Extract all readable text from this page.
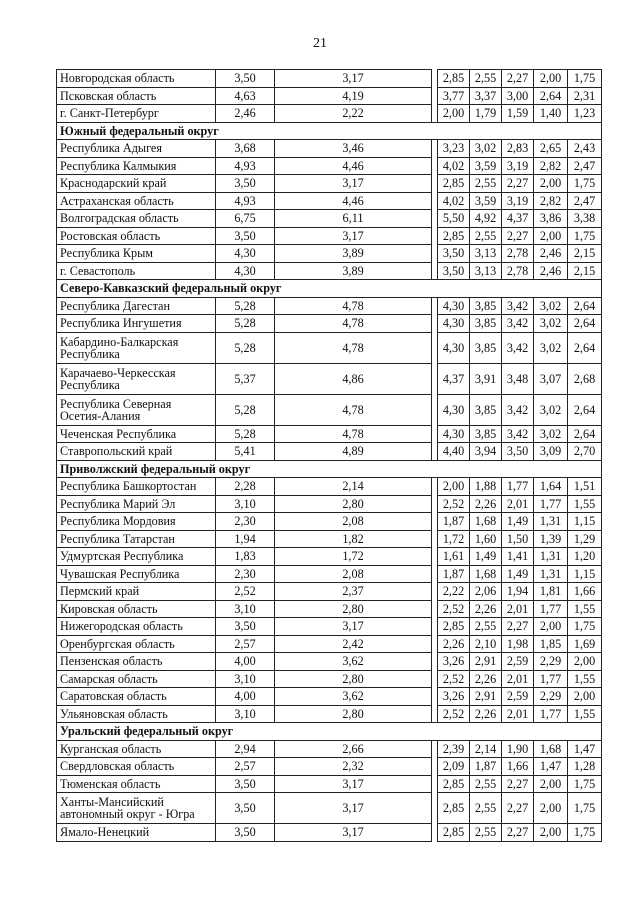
21
Новгородская область	3,50	3,17		2,85	2,55	2,27	2,00	1,75
Псковская область	4,63	4,19		3,77	3,37	3,00	2,64	2,31
г. Санкт-Петербург	2,46	2,22		2,00	1,79	1,59	1,40	1,23
Южный федеральный округ								
Республика Адыгея	3,68	3,46		3,23	3,02	2,83	2,65	2,43
Республика Калмыкия	4,93	4,46		4,02	3,59	3,19	2,82	2,47
Краснодарский край	3,50	3,17		2,85	2,55	2,27	2,00	1,75
Астраханская область	4,93	4,46		4,02	3,59	3,19	2,82	2,47
Волгоградская область	6,75	6,11		5,50	4,92	4,37	3,86	3,38
Ростовская область	3,50	3,17		2,85	2,55	2,27	2,00	1,75
Республика Крым	4,30	3,89		3,50	3,13	2,78	2,46	2,15
г. Севастополь	4,30	3,89		3,50	3,13	2,78	2,46	2,15
Северо-Кавказский федеральный округ								
Республика Дагестан	5,28	4,78		4,30	3,85	3,42	3,02	2,64
Республика Ингушетия	5,28	4,78		4,30	3,85	3,42	3,02	2,64
Кабардино-Балкарская Республика	5,28	4,78		4,30	3,85	3,42	3,02	2,64
Карачаево-Черкесская Республика	5,37	4,86		4,37	3,91	3,48	3,07	2,68
Республика Северная Осетия-Алания	5,28	4,78		4,30	3,85	3,42	3,02	2,64
Чеченская Республика	5,28	4,78		4,30	3,85	3,42	3,02	2,64
Ставропольский край	5,41	4,89		4,40	3,94	3,50	3,09	2,70
Приволжский федеральный округ								
Республика Башкортостан	2,28	2,14		2,00	1,88	1,77	1,64	1,51
Республика Марий Эл	3,10	2,80		2,52	2,26	2,01	1,77	1,55
Республика Мордовия	2,30	2,08		1,87	1,68	1,49	1,31	1,15
Республика Татарстан	1,94	1,82		1,72	1,60	1,50	1,39	1,29
Удмуртская Республика	1,83	1,72		1,61	1,49	1,41	1,31	1,20
Чувашская Республика	2,30	2,08		1,87	1,68	1,49	1,31	1,15
Пермский край	2,52	2,37		2,22	2,06	1,94	1,81	1,66
Кировская область	3,10	2,80		2,52	2,26	2,01	1,77	1,55
Нижегородская область	3,50	3,17		2,85	2,55	2,27	2,00	1,75
Оренбургская область	2,57	2,42		2,26	2,10	1,98	1,85	1,69
Пензенская область	4,00	3,62		3,26	2,91	2,59	2,29	2,00
Самарская область	3,10	2,80		2,52	2,26	2,01	1,77	1,55
Саратовская область	4,00	3,62		3,26	2,91	2,59	2,29	2,00
Ульяновская область	3,10	2,80		2,52	2,26	2,01	1,77	1,55
Уральский федеральный округ								
Курганская область	2,94	2,66		2,39	2,14	1,90	1,68	1,47
Свердловская область	2,57	2,32		2,09	1,87	1,66	1,47	1,28
Тюменская область	3,50	3,17		2,85	2,55	2,27	2,00	1,75
Ханты-Мансийский автономный округ - Югра	3,50	3,17		2,85	2,55	2,27	2,00	1,75
Ямало-Ненецкий	3,50	3,17		2,85	2,55	2,27	2,00	1,75
